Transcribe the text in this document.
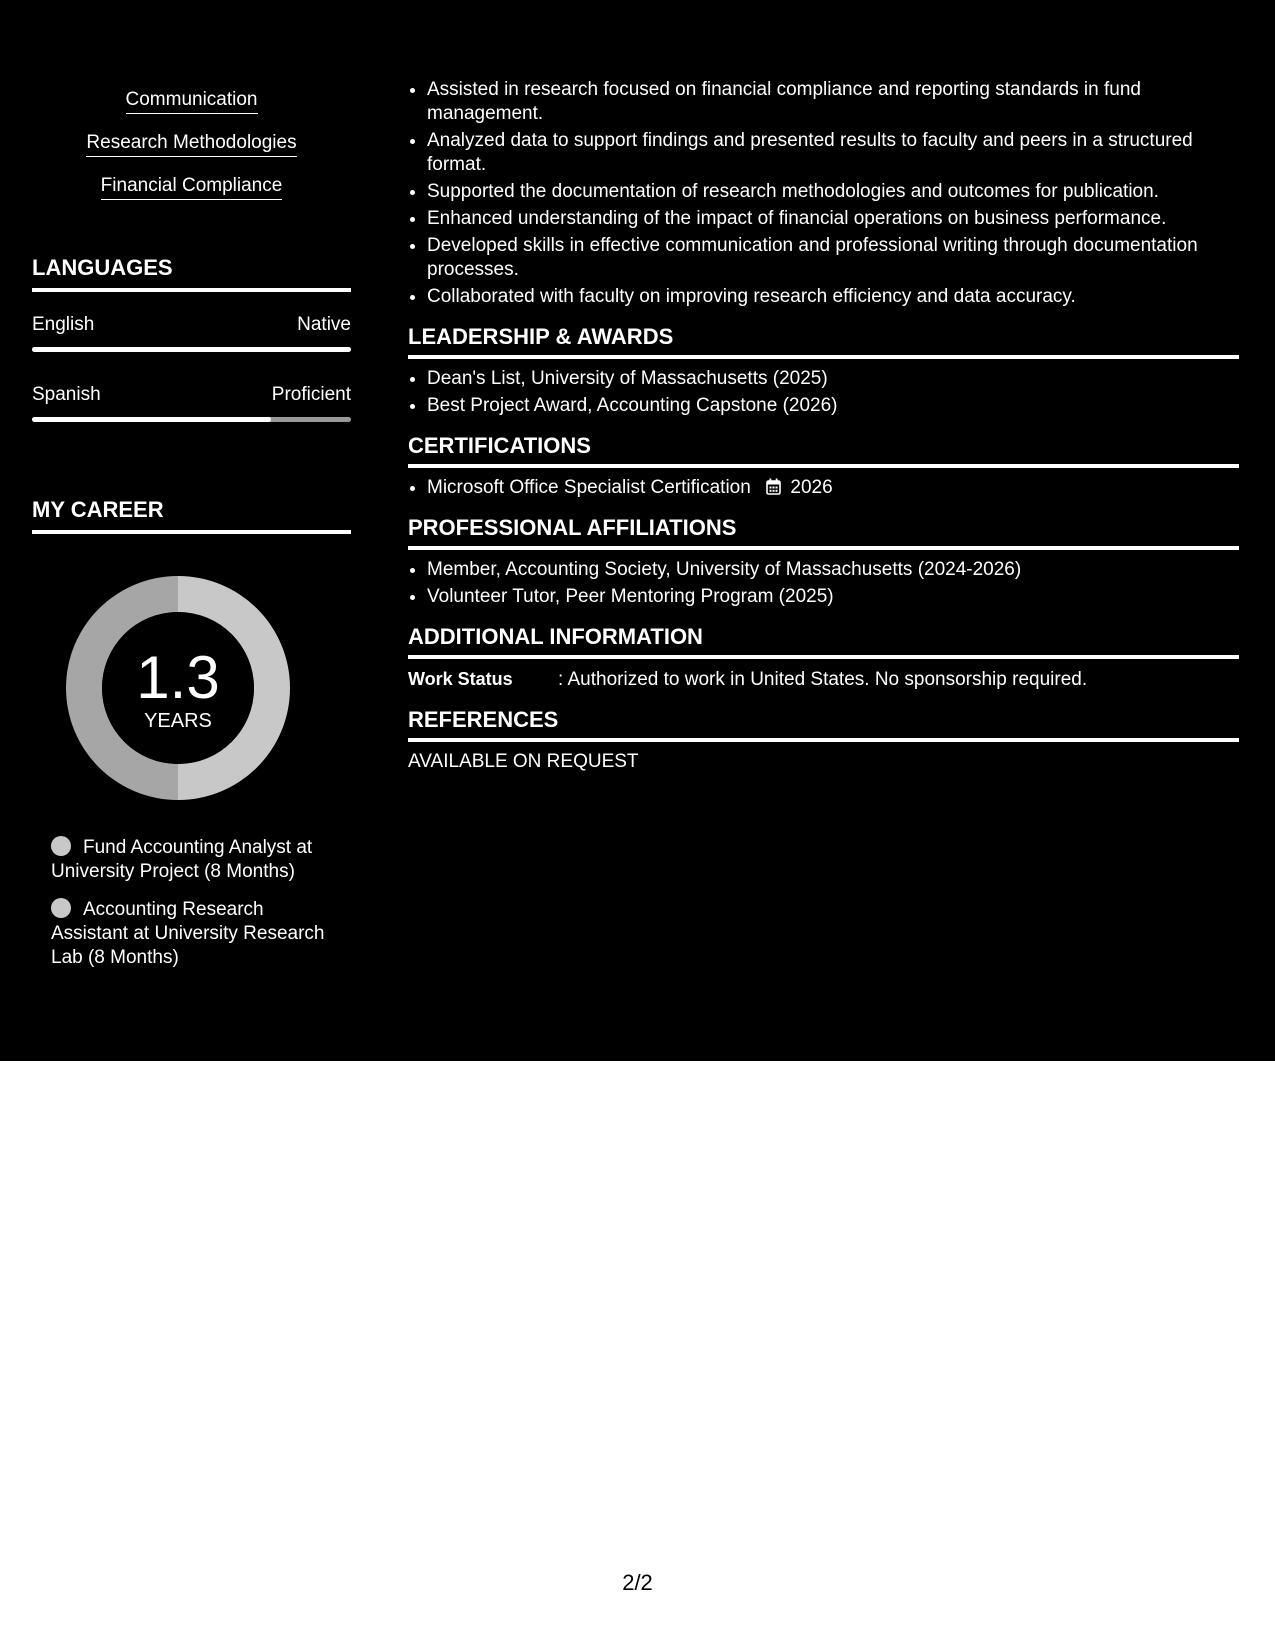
Communication
Research Methodologies
Financial Compliance
LANGUAGES
English	Native
Spanish	Proficient
MY CAREER
1.3
YEARS
Fund Accounting Analyst at University Project (8 Months)
Accounting Research Assistant at University Research Lab (8 Months)
• Assisted in research focused on financial compliance and reporting standards in fund management.
• Analyzed data to support findings and presented results to faculty and peers in a structured format.
• Supported the documentation of research methodologies and outcomes for publication.
• Enhanced understanding of the impact of financial operations on business performance.
• Developed skills in effective communication and professional writing through documentation processes.
• Collaborated with faculty on improving research efficiency and data accuracy.
LEADERSHIP & AWARDS
• Dean's List, University of Massachusetts (2025)
• Best Project Award, Accounting Capstone (2026)
CERTIFICATIONS
• Microsoft Office Specialist Certification 2026
PROFESSIONAL AFFILIATIONS
• Member, Accounting Society, University of Massachusetts (2024-2026)
• Volunteer Tutor, Peer Mentoring Program (2025)
ADDITIONAL INFORMATION
Work Status : Authorized to work in United States. No sponsorship required.
REFERENCES
AVAILABLE ON REQUEST
2/2
